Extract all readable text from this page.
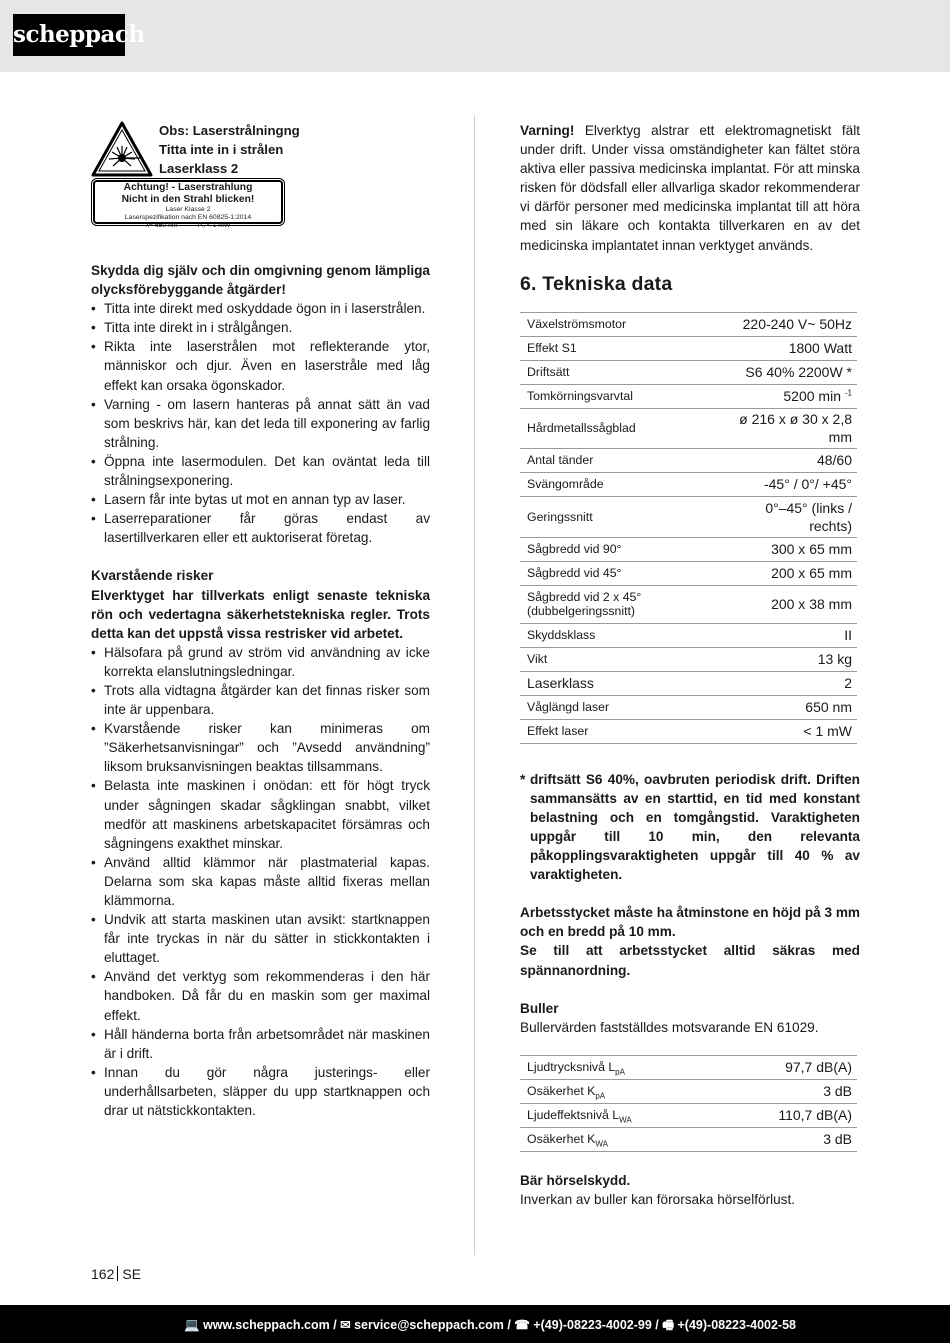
scheppach
Obs: Laserstrålningng
Titta inte in i strålen
Laserklass 2
Achtung! - Laserstrahlung
Nicht in den Strahl blicken!
Laser Klasse 2
Laserspezifikation nach EN 60825-1:2014
λ= 650 nm	P₀ < 1 mW

Skydda dig själv och din omgivning genom lämpliga olycksförebyggande åtgärder!

• Titta inte direkt med oskyddade ögon in i laserstrålen.
• Titta inte direkt in i strålgången.
• Rikta inte laserstrålen mot reflekterande ytor, människor och djur. Även en laserstråle med låg effekt kan orsaka ögonskador.
• Varning - om lasern hanteras på annat sätt än vad som beskrivs här, kan det leda till exponering av farlig strålning.
• Öppna inte lasermodulen. Det kan oväntat leda till strålningsexponering.
• Lasern får inte bytas ut mot en annan typ av laser.
• Laserreparationer får göras endast av lasertillverkaren eller ett auktoriserat företag.

Kvarstående risker

Elverktyget har tillverkats enligt senaste tekniska rön och vedertagna säkerhetstekniska regler. Trots detta kan det uppstå vissa restrisker vid arbetet.

• Hälsofara på grund av ström vid användning av icke korrekta elanslutningsledningar.
• Trots alla vidtagna åtgärder kan det finnas risker som inte är uppenbara.
• Kvarstående risker kan minimeras om ”Säkerhetsanvisningar” och ”Avsedd användning” liksom bruksanvisningen beaktas tillsammans.
• Belasta inte maskinen i onödan: ett för högt tryck under sågningen skadar sågklingan snabbt, vilket medför att maskinens arbetskapacitet försämras och sågningens exakthet minskar.
• Använd alltid klämmor när plastmaterial kapas. Delarna som ska kapas måste alltid fixeras mellan klämmorna.
• Undvik att starta maskinen utan avsikt: startknappen får inte tryckas in när du sätter in stickkontakten i eluttaget.
• Använd det verktyg som rekommenderas i den här handboken. Då får du en maskin som ger maximal effekt.
• Håll händerna borta från arbetsområdet när maskinen är i drift.
• Innan du gör några justerings- eller underhållsarbeten, släpper du upp startknappen och drar ut nätstickkontakten.

Varning! Elverktyg alstrar ett elektromagnetiskt fält under drift. Under vissa omständigheter kan fältet störa aktiva eller passiva medicinska implantat. För att minska risken för dödsfall eller allvarliga skador rekommenderar vi därför personer med medicinska implantat till att höra med sin läkare och kontakta tillverkaren en av det medicinska implantatet innan verktyget används.

6. Tekniska data
Växelströmsmotor	220-240 V~ 50Hz
Effekt S1	1800 Watt
Driftsätt	S6 40% 2200W *
Tomkörningsvarvtal	5200 min $^{-1}$
Hårdmetallssågblad	ø 216 x ø 30 x 2,8 mm
Antal tänder	48/60
Svängområde	-45° / 0°/ +45°
Geringssnitt	0°–45° (links / rechts)
Sågbredd vid 90°	300 x 65 mm
Sågbredd vid 45°	200 x 65 mm
Sågbredd vid 2 x 45° (dubbelgeringssnitt)	200 x 38 mm
Skyddsklass	II
Vikt	13 kg
Laserklass	2
Våglängd laser	650 nm
Effekt laser	< 1 mW
* driftsätt S6 40%, oavbruten periodisk drift. Driften sammansätts av en starttid, en tid med konstant belastning och en tomgångstid. Varaktigheten uppgår till 10 min, den relevanta påkopplingsvaraktigheten uppgår till 40 % av varaktigheten.

Arbetsstycket måste ha åtminstone en höjd på 3 mm och en bredd på 10 mm.
Se till att arbetsstycket alltid säkras med spännanordning.

Buller

Bullervärden fastställdes motsvarande EN 61029.

Ljudtrycksnivå $L_{pA}$	97,7 dB(A)
Osäkerhet $K_{pA}$	3 dB
Ljudeffektsnivå $L_{WA}$	110,7 dB(A)
Osäkerhet $K_{WA}$	3 dB

Bär hörselskydd.

Inverkan av buller kan förorsaka hörselförlust.

162 SE
💻 www.scheppach.com / ✉ service@scheppach.com / ☎ +(49)-08223-4002-99 / 🖷 +(49)-08223-4002-58
